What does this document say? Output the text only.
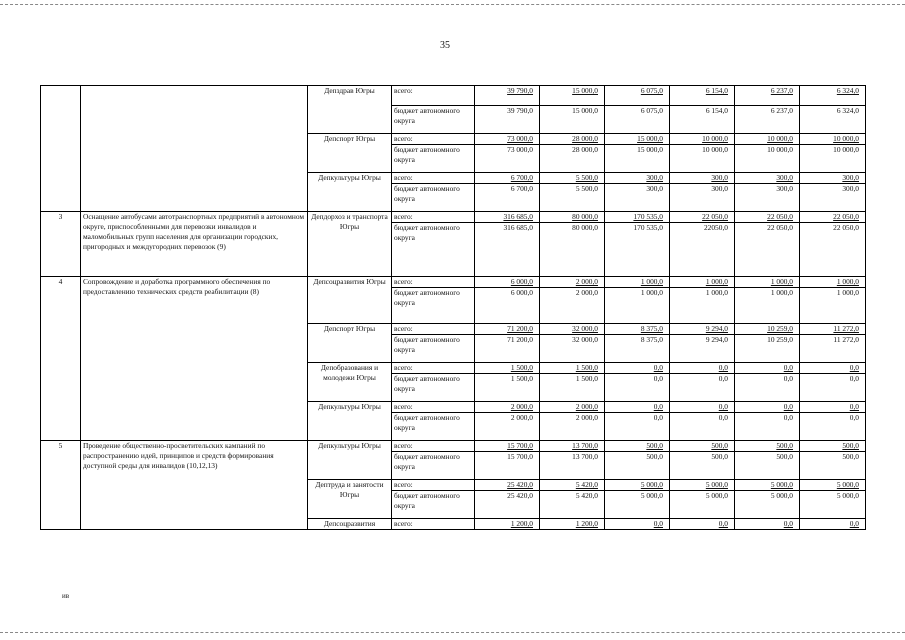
35
		Депздрав Югры	всего:	39 790,0	15 000,0	6 075,0	6 154,0	6 237,0	6 324,0
			бюджет автономного округа	39 790,0	15 000,0	6 075,0	6 154,0	6 237,0	6 324,0
		Депспорт Югры	всего:	73 000,0	28 000,0	15 000,0	10 000,0	10 000,0	10 000,0
			бюджет автономного округа	73 000,0	28 000,0	15 000,0	10 000,0	10 000,0	10 000,0
		Депкультуры Югры	всего:	6 700,0	5 500,0	300,0	300,0	300,0	300,0
			бюджет автономного округа	6 700,0	5 500,0	300,0	300,0	300,0	300,0
3	Оснащение автобусами автотранспортных предприятий в автономном округе, приспособленными для перевозки инвалидов и маломобильных групп населения для организации городских, пригородных и междугородних перевозок (9)	Депдорхоз и транспорта Югры	всего:	316 685,0	80 000,0	170 535,0	22 050,0	22 050,0	22 050,0
			бюджет автономного округа	316 685,0	80 000,0	170 535,0	22050,0	22 050,0	22 050,0
4	Сопровождение и доработка программного обеспечения по предоставлению технических средств реабилитации (8)	Депсоцразвития Югры	всего:	6 000,0	2 000,0	1 000,0	1 000,0	1 000,0	1 000,0
			бюджет автономного округа	6 000,0	2 000,0	1 000,0	1 000,0	1 000,0	1 000,0
		Депспорт Югры	всего:	71 200,0	32 000,0	8 375,0	9 294,0	10 259,0	11 272,0
			бюджет автономного округа	71 200,0	32 000,0	8 375,0	9 294,0	10 259,0	11 272,0
		Депобразования и молодежи Югры	всего:	1 500,0	1 500,0	0,0	0,0	0,0	0,0
			бюджет автономного округа	1 500,0	1 500,0	0,0	0,0	0,0	0,0
		Депкультуры Югры	всего:	2 000,0	2 000,0	0,0	0,0	0,0	0,0
			бюджет автономного округа	2 000,0	2 000,0	0,0	0,0	0,0	0,0
5	Проведение общественно-просветительских кампаний по распространению идей, принципов и средств формирования доступной среды для инвалидов (10,12,13)	Депкультуры Югры	всего:	15 700,0	13 700,0	500,0	500,0	500,0	500,0
			бюджет автономного округа	15 700,0	13 700,0	500,0	500,0	500,0	500,0
		Дептруда и занятости Югры	всего:	25 420,0	5 420,0	5 000,0	5 000,0	5 000,0	5 000,0
			бюджет автономного округа	25 420,0	5 420,0	5 000,0	5 000,0	5 000,0	5 000,0
		Депсоцразвития	всего:	1 200,0	1 200,0	0,0	0,0	0,0	0,0
ив
